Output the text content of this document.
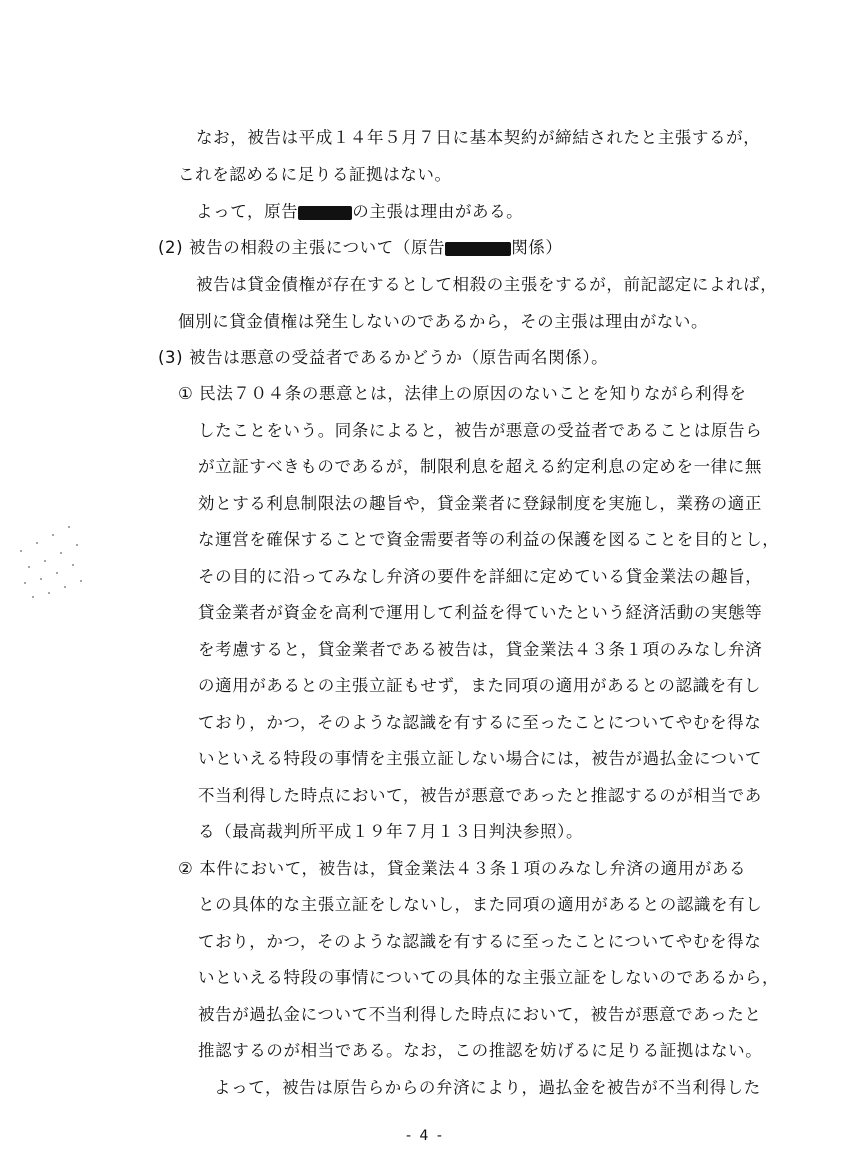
なお，被告は平成１４年５月７日に基本契約が締結されたと主張するが，
これを認めるに足りる証拠はない。
よって，原告	の主張は理由がある。
(2) 被告の相殺の主張について（原告	関係）
被告は貸金債権が存在するとして相殺の主張をするが，前記認定によれば，
個別に貸金債権は発生しないのであるから，その主張は理由がない。
(3) 被告は悪意の受益者であるかどうか（原告両名関係）。
① 民法７０４条の悪意とは，法律上の原因のないことを知りながら利得を
したことをいう。同条によると，被告が悪意の受益者であることは原告ら
が立証すべきものであるが，制限利息を超える約定利息の定めを一律に無
効とする利息制限法の趣旨や，貸金業者に登録制度を実施し，業務の適正
な運営を確保することで資金需要者等の利益の保護を図ることを目的とし，
その目的に沿ってみなし弁済の要件を詳細に定めている貸金業法の趣旨，
貸金業者が資金を高利で運用して利益を得ていたという経済活動の実態等
を考慮すると，貸金業者である被告は，貸金業法４３条１項のみなし弁済
の適用があるとの主張立証もせず，また同項の適用があるとの認識を有し
ており，かつ，そのような認識を有するに至ったことについてやむを得な
いといえる特段の事情を主張立証しない場合には，被告が過払金について
不当利得した時点において，被告が悪意であったと推認するのが相当であ
る（最高裁判所平成１９年７月１３日判決参照）。
② 本件において，被告は，貸金業法４３条１項のみなし弁済の適用がある
との具体的な主張立証をしないし，また同項の適用があるとの認識を有し
ており，かつ，そのような認識を有するに至ったことについてやむを得な
いといえる特段の事情についての具体的な主張立証をしないのであるから，
被告が過払金について不当利得した時点において，被告が悪意であったと
推認するのが相当である。なお，この推認を妨げるに足りる証拠はない。
よって，被告は原告らからの弁済により，過払金を被告が不当利得した
- 4 -
